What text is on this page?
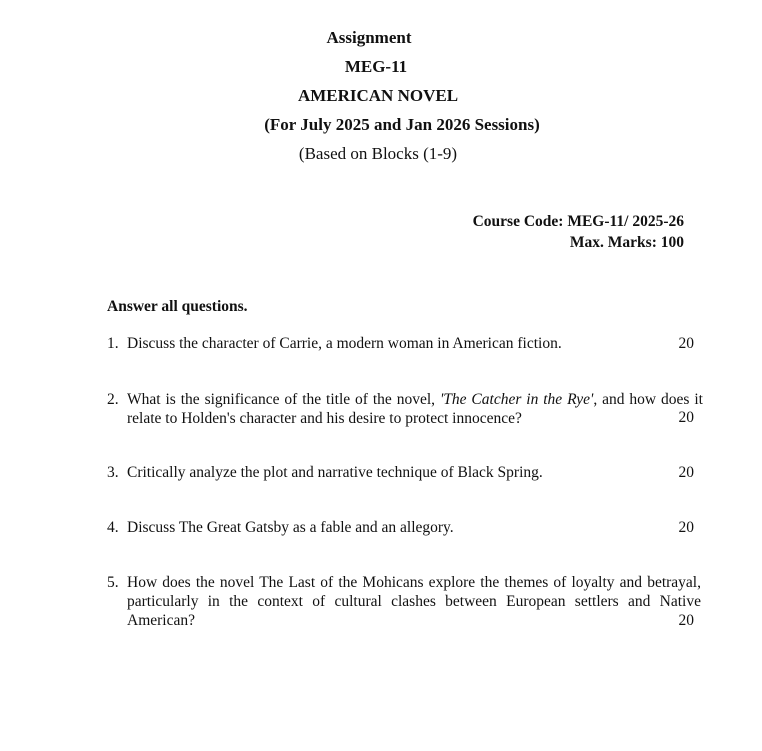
Assignment
MEG-11
AMERICAN NOVEL
(For July 2025 and Jan 2026 Sessions)
(Based on Blocks (1-9)
Course Code: MEG-11/ 2025-26
Max. Marks: 100
Answer all questions.
1. Discuss the character of Carrie, a modern woman in American fiction.	20
2. What is the significance of the title of the novel, 'The Catcher in the Rye', and how does it relate to Holden's character and his desire to protect innocence?	20
3. Critically analyze the plot and narrative technique of Black Spring.	20
4. Discuss The Great Gatsby as a fable and an allegory.	20
5. How does the novel The Last of the Mohicans explore the themes of loyalty and betrayal, particularly in the context of cultural clashes between European settlers and Native American?	20
